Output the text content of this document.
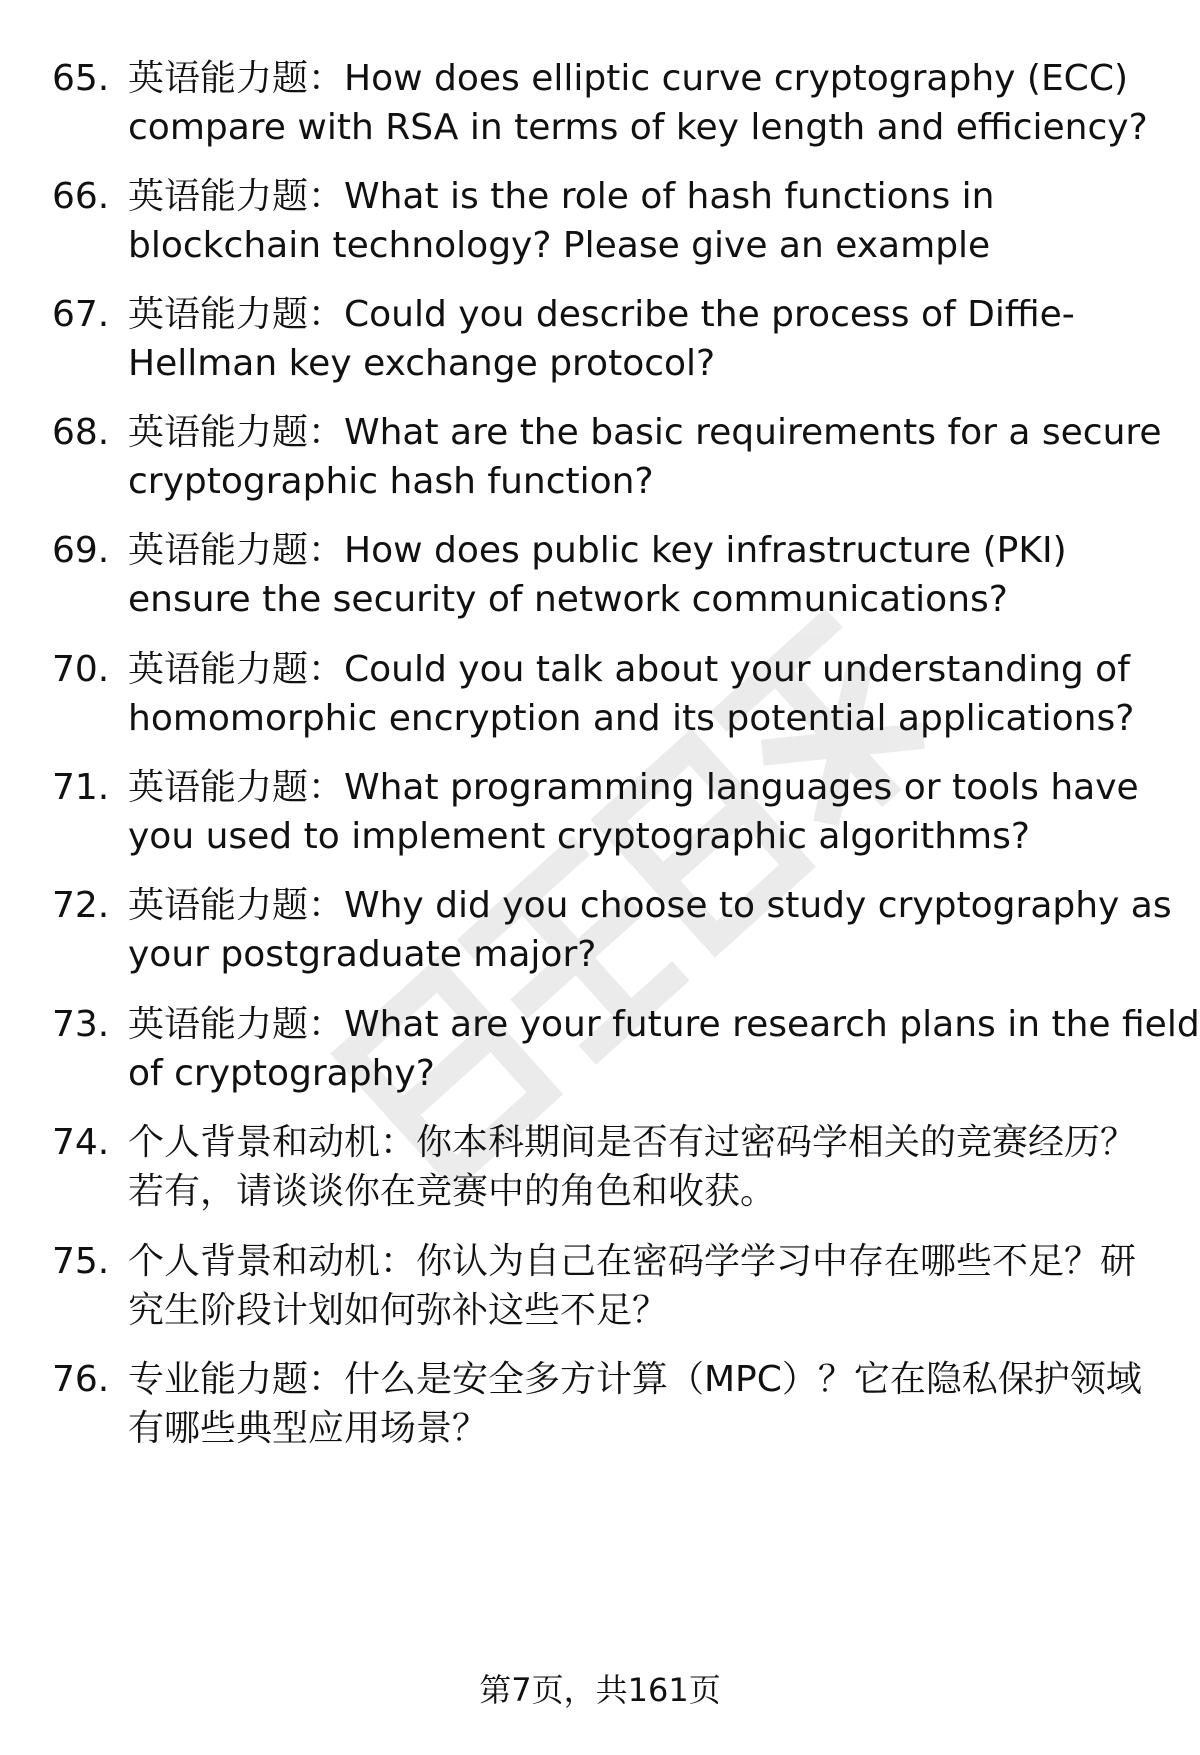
65. 英语能力题：How does elliptic curve cryptography (ECC)
compare with RSA in terms of key length and efficiency?
66. 英语能力题：What is the role of hash functions in
blockchain technology? Please give an example
67. 英语能力题：Could you describe the process of Diffie-
Hellman key exchange protocol?
68. 英语能力题：What are the basic requirements for a secure
cryptographic hash function?
69. 英语能力题：How does public key infrastructure (PKI)
ensure the security of network communications?
70. 英语能力题：Could you talk about your understanding of
homomorphic encryption and its potential applications?
71. 英语能力题：What programming languages or tools have
you used to implement cryptographic algorithms?
72. 英语能力题：Why did you choose to study cryptography as
your postgraduate major?
73. 英语能力题：What are your future research plans in the field
of cryptography?
74. 个人背景和动机：你本科期间是否有过密码学相关的竞赛经历？
若有，请谈谈你在竞赛中的角色和收获。
75. 个人背景和动机：你认为自己在密码学学习中存在哪些不足？研
究生阶段计划如何弥补这些不足？
76. 专业能力题：什么是安全多方计算（MPC）？它在隐私保护领域
有哪些典型应用场景？
第7页，共161页
